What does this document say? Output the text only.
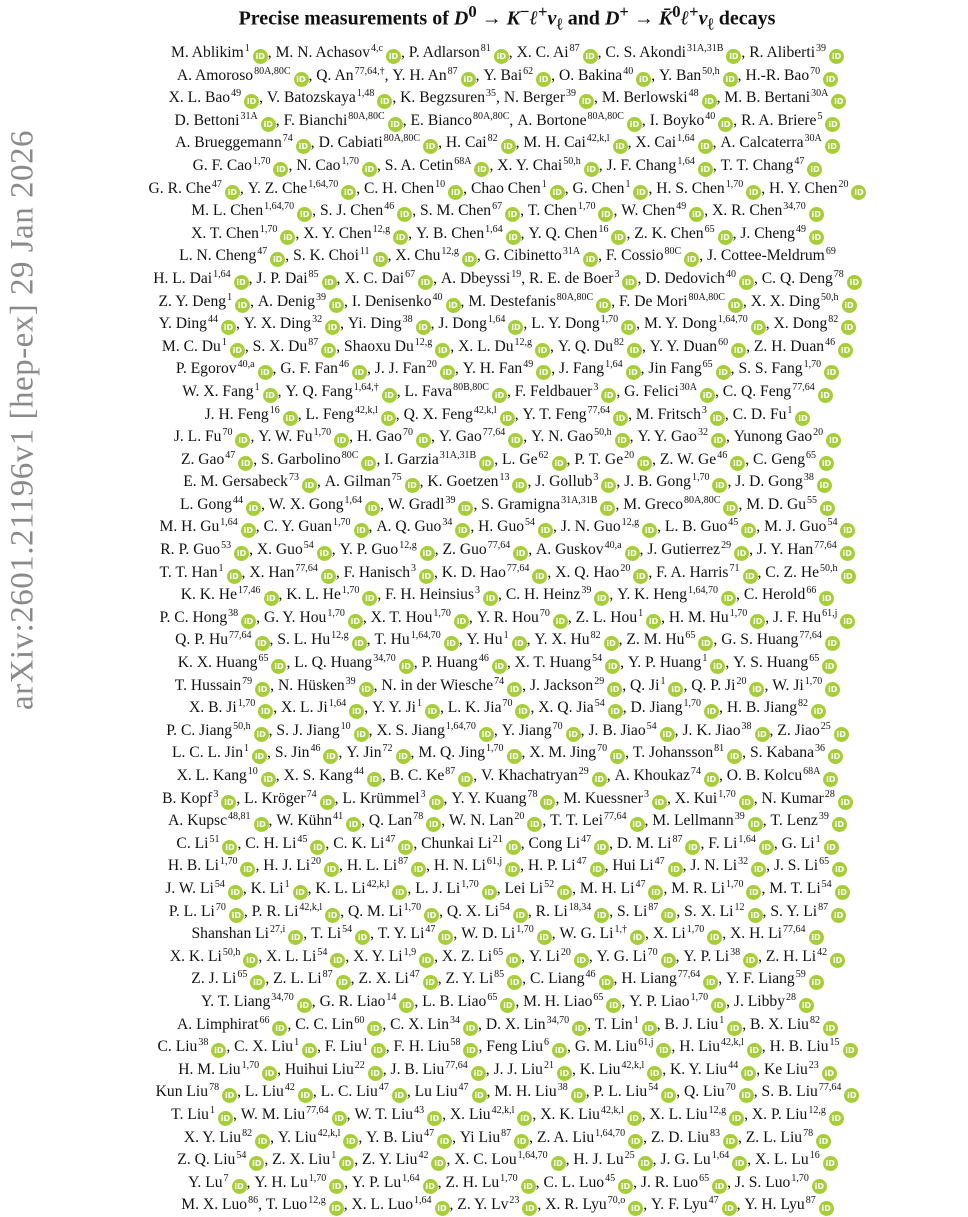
arXiv:2601.21196v1 [hep-ex] 29 Jan 2026
Precise measurements of $D^0$ → $K^-\ell^+\nu_\ell$ and $D^+ \to K̄^0\ell^+\nu_\ell$ decays
M. Ablikim$^1$iD , M. N. Achasov$^{4,c}$iD , P. Adlarson$^{81}$iD , X. C. Ai$^{87}$iD , C. S. Akondi$^{31A,31B}$iD , R. Aliberti$^{39}$iD
A. Amoroso$^{80A,80C}$iD , Q. $An^{77,64,\dagger}$, Y. H. An$^{87}$iD , Y. Bai$^{62}$iD , O. Bakina$^{40}$iD , Y. Ban$^{50,h}$iD , H.-R. Bao$^{70}$iD
X. L. Bao$^{49}$iD , V. Batozskaya$^{1,48}$iD , K. Begzsuren$^{35}$, N. Berger$^{39}$iD , M. Berlowski$^{48}$iD , M. B. Bertani$^{30A}$iD
D. Bettoni$^{31A}$iD , F. Bianchi$^{80A,80C}$iD , E. Bianco$^{80A,80C}$, A. Bortone$^{80A,80C}$iD , I. Boyko$^{40}$iD , R. A. Briere$^5$iD
A. Brueggemann$^{74}$iD , D. Cabiati$^{80A,80C}$iD , H. Cai$^{82}$iD , M. H. Cai$^{42,k,l}$iD , X. Cai$^{1,64}$iD , A. Calcaterra$^{30A}$iD
G. F. Cao$^{1,70}$iD , N. Cao$^{1,70}$iD , S. A. Cetin$^{68A}$iD , X. Y. Chai$^{50,h}$iD , J. F. Chang$^{1,64}$iD , T. T. Chang$^{47}$iD
G. R. Che$^{47}$iD , Y. Z. Che$^{1,64,70}$iD , C. H. Chen$^{10}$iD , Chao Chen$^1$iD , G. Chen$^1$iD , H. S. Chen$^{1,70}$iD , H. Y. Chen$^{20}$iD
M. L. Chen$^{1,64,70}$iD , S. J. Chen$^{46}$iD , S. M. Chen$^{67}$iD , T. Chen$^{1,70}$iD , W. Chen$^{49}$iD , X. R. Chen$^{34,70}$iD
X. T. Chen$^{1,70}$iD , X. Y. Chen$^{12,g}$iD , Y. B. Chen$^{1,64}$iD , Y. Q. Chen$^{16}$iD , Z. K. Chen$^{65}$iD , J. Cheng$^{49}$iD
L. N. Cheng$^{47}$iD , S. K. Choi$^{11}$iD , X. Chu$^{12,g}$iD , G. Cibinetto$^{31A}$iD , F. Cossio$^{80C}$iD , J. Cottee-Meldrum$^{69}$
H. L. Dai$^{1,64}$iD , J. P. Dai$^{85}$iD , X. C. Dai$^{67}$iD , A. Dbeyssi$^{19}$, R. E. de Boer$^3$iD , D. Dedovich$^{40}$iD , C. Q. Deng$^{78}$iD
Z. Y. Deng$^1$iD , A. Denig$^{39}$iD , I. Denisenko$^{40}$iD , M. Destefanis$^{80A,80C}$iD , F. De Mori$^{80A,80C}$iD , X. X. Ding$^{50,h}$iD
Y. Ding$^{44}$iD , Y. X. Ding$^{32}$iD , Yi. Ding$^{38}$iD , J. Dong$^{1,64}$iD , L. Y. Dong$^{1,70}$iD , M. Y. Dong$^{1,64,70}$iD , X. Dong$^{82}$iD
M. C. Du$^1$iD , S. X. Du$^{87}$iD , Shaoxu Du$^{12,g}$iD , X. L. Du$^{12,g}$iD , Y. Q. Du$^{82}$iD , Y. Y. Duan$^{60}$iD , Z. H. Duan$^{46}$iD
P. Egorov$^{40,a}$iD , G. F. Fan$^{46}$iD , J. J. Fan$^{20}$iD , Y. H. Fan$^{49}$iD , J. Fang$^{1,64}$iD , Jin Fang$^{65}$iD , S. S. Fang$^{1,70}$iD
W. X. Fang$^1$iD , Y. Q. Fang$^{1,64,\dagger}$iD , L. Fava$^{80B,80C}$iD , F. Feldbauer$^3$iD , G. Felici$^{30A}$iD , C. Q. Feng$^{77,64}$iD
J. H. Feng$^{16}$iD , L. Feng$^{42,k,l}$iD , Q. X. Feng$^{42,k,l}$iD , Y. T. Feng$^{77,64}$iD , M. Fritsch$^3$iD , C. D. Fu$^1$iD
J. L. Fu$^{70}$iD , Y. W. Fu$^{1,70}$iD , H. Gao$^{70}$iD , Y. Gao$^{77,64}$iD , Y. N. Gao$^{50,h}$iD , Y. Y. Gao$^{32}$iD , Yunong Gao$^{20}$iD
Z. Gao$^{47}$iD , S. Garbolino$^{80C}$iD , I. Garzia$^{31A,31B}$iD , L. Ge$^{62}$iD , P. T. Ge$^{20}$iD , Z. W. Ge$^{46}$iD , C. Geng$^{65}$iD
E. M. Gersabeck$^{73}$iD , A. Gilman$^{75}$iD , K. Goetzen$^{13}$iD , J. Gollub$^3$iD , J. B. Gong$^{1,70}$iD , J. D. Gong$^{38}$iD
L. Gong$^{44}$iD , W. X. Gong$^{1,64}$iD , W. Gradl$^{39}$iD , S. Gramigna$^{31A,31B}$iD , M. Greco$^{80A,80C}$iD , M. D. Gu$^{55}$iD
M. H. Gu$^{1,64}$iD , C. Y. Guan$^{1,70}$iD , A. Q. Guo$^{34}$iD , H. Guo$^{54}$iD , J. N. Guo$^{12,g}$iD , L. B. Guo$^{45}$iD , M. J. Guo$^{54}$iD
R. P. Guo$^{53}$iD , X. Guo$^{54}$iD , Y. P. Guo$^{12,g}$iD , Z. Guo$^{77,64}$iD , A. Guskov$^{40,a}$iD , J. Gutierrez$^{29}$iD , J. Y. Han$^{77,64}$iD
T. T. Han$^1$iD , X. Han$^{77,64}$iD , F. Hanisch$^3$iD , K. D. Hao$^{77,64}$iD , X. Q. Hao$^{20}$iD , F. A. Harris$^{71}$iD , C. Z. He$^{50,h}$iD
K. K. He$^{17,46}$iD , K. L. He$^{1,70}$iD , F. H. Heinsius$^3$iD , C. H. Heinz$^{39}$iD , Y. K. Heng$^{1,64,70}$iD , C. Herold$^{66}$iD
P. C. Hong$^{38}$iD , G. Y. Hou$^{1,70}$iD , X. T. Hou$^{1,70}$iD , Y. R. Hou$^{70}$iD , Z. L. Hou$^1$iD , H. M. Hu$^{1,70}$iD , J. F. Hu$^{61,j}$iD
Q. P. Hu$^{77,64}$iD , S. L. Hu$^{12,g}$iD , T. Hu$^{1,64,70}$iD , Y. Hu$^1$iD , Y. X. Hu$^{82}$iD , Z. M. Hu$^{65}$iD , G. S. Huang$^{77,64}$iD
K. X. Huang$^{65}$iD , L. Q. Huang$^{34,70}$iD , P. Huang$^{46}$iD , X. T. Huang$^{54}$iD , Y. P. Huang$^1$iD , Y. S. Huang$^{65}$iD
T. Hussain$^{79}$iD , N. Hüsken$^{39}$iD , N. in der Wiesche$^{74}$iD , J. Jackson$^{29}$iD , Q. Ji$^1$iD , Q. P. Ji$^{20}$iD , W. Ji$^{1,70}$iD
X. B. Ji$^{1,70}$iD , X. L. Ji$^{1,64}$iD , Y. Y. Ji$^1$iD , L. K. Jia$^{70}$iD , X. Q. Jia$^{54}$iD , D. Jiang$^{1,70}$iD , H. B. Jiang$^{82}$iD
P. C. Jiang$^{50,h}$iD , S. J. Jiang$^{10}$iD , X. S. Jiang$^{1,64,70}$iD , Y. Jiang$^{70}$iD , J. B. Jiao$^{54}$iD , J. K. Jiao$^{38}$iD , Z. Jiao$^{25}$iD
L. C. L. Jin$^1$iD , S. Jin$^{46}$iD , Y. Jin$^{72}$iD , M. Q. Jing$^{1,70}$iD , X. M. Jing$^{70}$iD , T. Johansson$^{81}$iD , S. Kabana$^{36}$iD
X. L. Kang$^{10}$iD , X. S. Kang$^{44}$iD , B. C. Ke$^{87}$iD , V. Khachatryan$^{29}$iD , A. Khoukaz$^{74}$iD , O. B. Kolcu$^{68A}$iD
B. Kopf$^3$iD , L. Kröger$^{74}$iD , L. Krümmel$^3$iD , Y. Y. Kuang$^{78}$iD , M. Kuessner$^3$iD , X. Kui$^{1,70}$iD , N. Kumar$^{28}$iD
A. Kupsc$^{48,81}$iD , W. Kühn$^{41}$iD , Q. Lan$^{78}$iD , W. N. Lan$^{20}$iD , T. T. Lei$^{77,64}$iD , M. Lellmann$^{39}$iD , T. Lenz$^{39}$iD
C. Li$^{51}$iD , C. H. Li$^{45}$iD , C. K. Li$^{47}$iD , Chunkai Li$^{21}$iD , Cong Li$^{47}$iD , D. M. Li$^{87}$iD , F. Li$^{1,64}$iD , G. Li$^1$iD
H. B. Li$^{1,70}$iD , H. J. Li$^{20}$iD , H. L. Li$^{87}$iD , H. N. Li$^{61,j}$iD , H. P. Li$^{47}$iD , Hui Li$^{47}$iD , J. N. Li$^{32}$iD , J. S. Li$^{65}$iD
J. W. Li$^{54}$iD , K. Li$^1$iD , K. L. Li$^{42,k,l}$iD , L. J. Li$^{1,70}$iD , Lei Li$^{52}$iD , M. H. Li$^{47}$iD , M. R. Li$^{1,70}$iD , M. T. Li$^{54}$iD
P. L. Li$^{70}$iD , P. R. Li$^{42,k,l}$iD , Q. M. Li$^{1,70}$iD , Q. X. Li$^{54}$iD , R. Li$^{18,34}$iD , S. Li$^{87}$iD , S. X. Li$^{12}$iD , S. Y. Li$^{87}$iD
Shanshan Li$^{27,i}$iD , T. Li$^{54}$iD , T. Y. Li$^{47}$iD , W. D. Li$^{1,70}$iD , W. G. $Li^{1,\dagger}iD$ , X. Li$^{1,70}$iD , X. H. Li$^{77,64}$iD
X. K. Li$^{50,h}$iD , X. L. Li$^{54}$iD , X. Y. Li$^{1,9}$iD , X. Z. Li$^{65}$iD , Y. Li$^{20}$iD , Y. G. Li$^{70}$iD , Y. P. Li$^{38}$iD , Z. H. Li$^{42}$iD
Z. J. Li$^{65}$iD , Z. L. Li$^{87}$iD , Z. X. Li$^{47}$iD , Z. Y. Li$^{85}$iD , C. Liang$^{46}$iD , H. Liang$^{77,64}$iD , Y. F. Liang$^{59}$iD
Y. T. Liang$^{34,70}$iD , G. R. Liao$^{14}$iD , L. B. Liao$^{65}$iD , M. H. Liao$^{65}$iD , Y. P. Liao$^{1,70}$iD , J. Libby$^{28}$iD
A. Limphirat$^{66}$iD , C. C. Lin$^{60}$iD , C. X. Lin$^{34}$iD , D. X. Lin$^{34,70}$iD , T. Lin$^1$iD , B. J. Liu$^1$iD , B. X. Liu$^{82}$iD
C. Liu$^{38}$iD , C. X. Liu$^1$iD , F. Liu$^1$iD , F. H. Liu$^{58}$iD , Feng Liu$^6$iD , G. M. Liu$^{61,j}$iD , H. Liu$^{42,k,l}$iD , H. B. Liu$^{15}$iD
H. M. Liu$^{1,70}$iD , Huihui Liu$^{22}$iD , J. B. Liu$^{77,64}$iD , J. J. Liu$^{21}$iD , K. Liu$^{42,k,l}$iD , K. Y. Liu$^{44}$iD , Ke Liu$^{23}$iD
Kun Liu$^{78}$iD , L. Liu$^{42}$iD , L. C. Liu$^{47}$iD , Lu Liu$^{47}$iD , M. H. Liu$^{38}$iD , P. L. Liu$^{54}$iD , Q. Liu$^{70}$iD , S. B. Liu$^{77,64}$iD
T. Liu$^1$iD , W. M. Liu$^{77,64}$iD , W. T. Liu$^{43}$iD , X. Liu$^{42,k,l}$iD , X. K. Liu$^{42,k,l}$iD , X. L. Liu$^{12,g}$iD , X. P. Liu$^{12,g}$iD
X. Y. Liu$^{82}$iD , Y. Liu$^{42,k,l}$iD , Y. B. Liu$^{47}$iD , Yi Liu$^{87}$iD , Z. A. Liu$^{1,64,70}$iD , Z. D. Liu$^{83}$iD , Z. L. Liu$^{78}$iD
Z. Q. Liu$^{54}$iD , Z. X. Liu$^1$iD , Z. Y. Liu$^{42}$iD , X. C. Lou$^{1,64,70}$iD , H. J. Lu$^{25}$iD , J. G. Lu$^{1,64}$iD , X. L. Lu$^{16}$iD
Y. Lu$^7$iD , Y. H. Lu$^{1,70}$iD , Y. P. Lu$^{1,64}$iD , Z. H. Lu$^{1,70}$iD , C. L. Luo$^{45}$iD , J. R. Luo$^{65}$iD , J. S. Luo$^{1,70}$iD
M. X. Luo$^{86}$, T. Luo$^{12,g}$iD , X. L. Luo$^{1,64}$iD , Z. Y. Lv$^{23}$iD , X. R. Lyu$^{70,o}$iD , Y. F. Lyu$^{47}$iD , Y. H. Lyu$^{87}$iD
